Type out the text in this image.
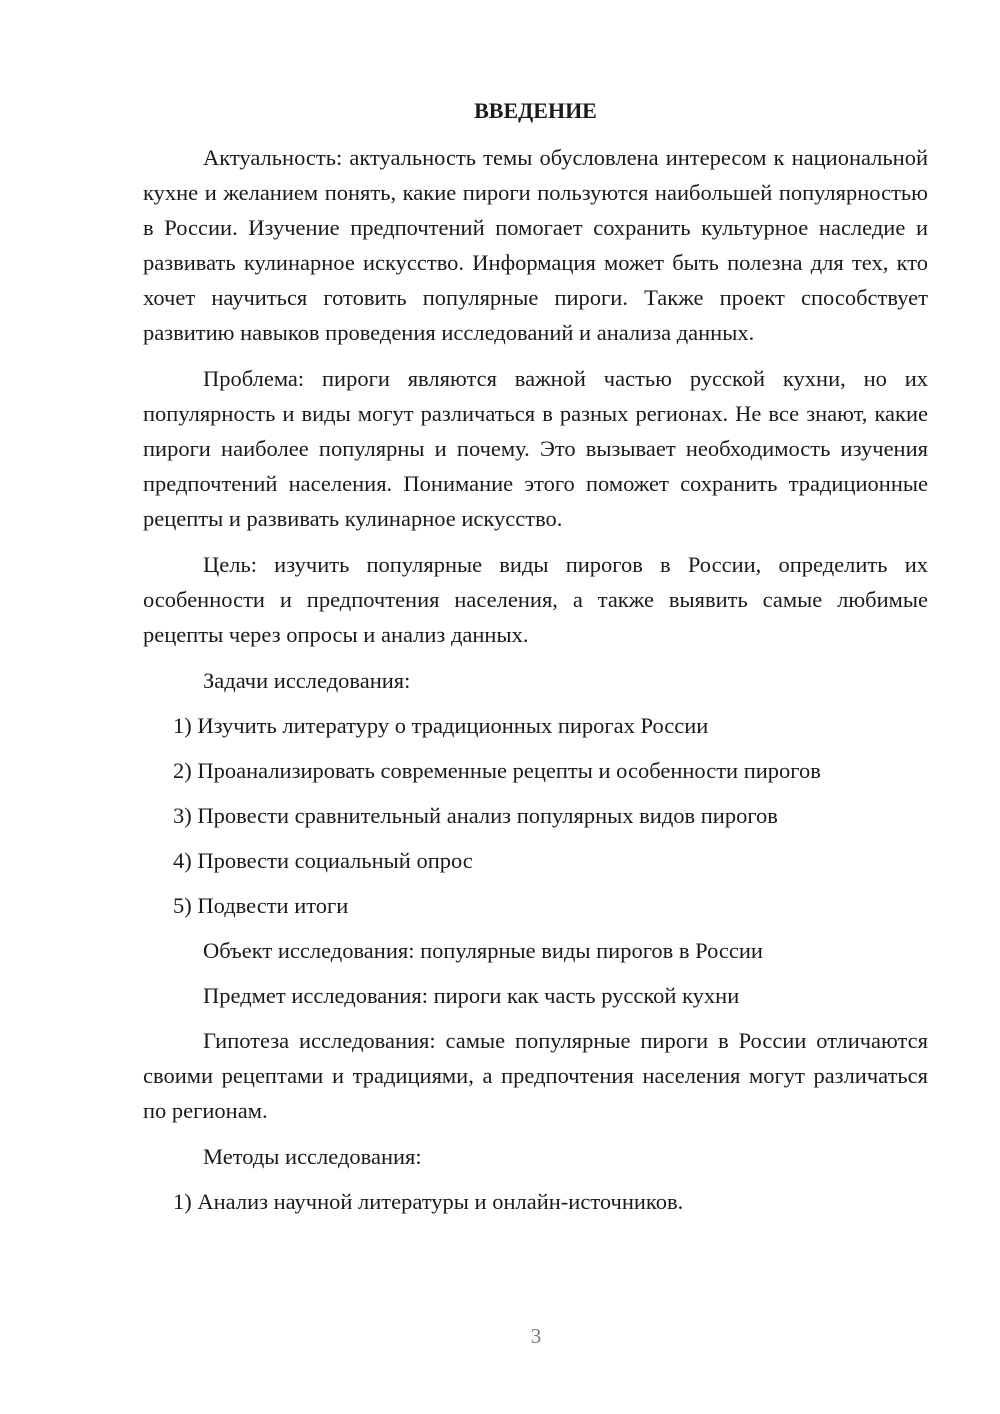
ВВЕДЕНИЕ

Актуальность: актуальность темы обусловлена интересом к национальной кухне и желанием понять, какие пироги пользуются наибольшей популярностью в России. Изучение предпочтений помогает сохранить культурное наследие и развивать кулинарное искусство. Информация может быть полезна для тех, кто хочет научиться готовить популярные пироги. Также проект способствует развитию навыков проведения исследований и анализа данных.

Проблема: пироги являются важной частью русской кухни, но их популярность и виды могут различаться в разных регионах. Не все знают, какие пироги наиболее популярны и почему. Это вызывает необходимость изучения предпочтений населения. Понимание этого поможет сохранить традиционные рецепты и развивать кулинарное искусство.

Цель: изучить популярные виды пирогов в России, определить их особенности и предпочтения населения, а также выявить самые любимые рецепты через опросы и анализ данных.

Задачи исследования:

1) Изучить литературу о традиционных пирогах России

2) Проанализировать современные рецепты и особенности пирогов

3) Провести сравнительный анализ популярных видов пирогов

4) Провести социальный опрос

5) Подвести итоги

Объект исследования: популярные виды пирогов в России

Предмет исследования: пироги как часть русской кухни

Гипотеза исследования: самые популярные пироги в России отличаются своими рецептами и традициями, а предпочтения населения могут различаться по регионам.

Методы исследования:

1) Анализ научной литературы и онлайн-источников.

3
